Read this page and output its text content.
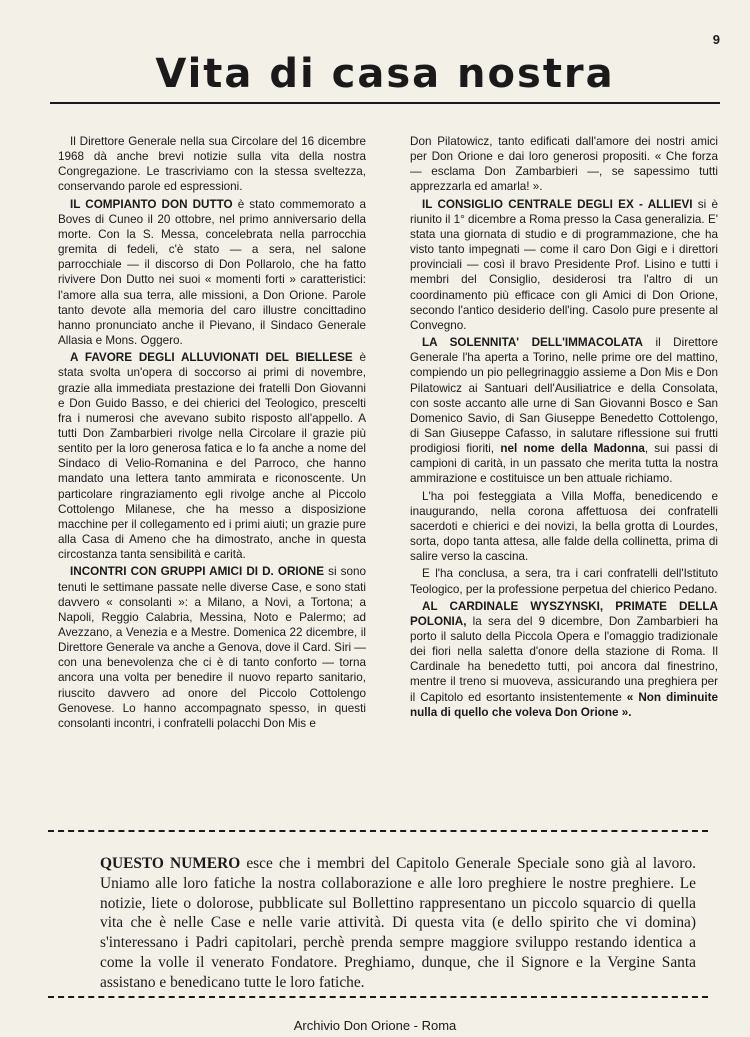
9
Vita di casa nostra

Il Direttore Generale nella sua Circolare del 16 dicembre 1968 dà anche brevi notizie sulla vita della nostra Congregazione. Le trascriviamo con la stessa sveltezza, conservando parole ed espressioni.

IL COMPIANTO DON DUTTO è stato commemorato a Boves di Cuneo il 20 ottobre, nel primo anniversario della morte. Con la S. Messa, concelebrata nella parrocchia gremita di fedeli, c'è stato — a sera, nel salone parrocchiale — il discorso di Don Pollarolo, che ha fatto rivivere Don Dutto nei suoi « momenti forti » caratteristici: l'amore alla sua terra, alle missioni, a Don Orione. Parole tanto devote alla memoria del caro illustre concittadino hanno pronunciato anche il Pievano, il Sindaco Generale Allasia e Mons. Oggero.

A FAVORE DEGLI ALLUVIONATI DEL BIELLESE è stata svolta un'opera di soccorso ai primi di novembre, grazie alla immediata prestazione dei fratelli Don Giovanni e Don Guido Basso, e dei chierici del Teologico, prescelti fra i numerosi che avevano subito risposto all'appello. A tutti Don Zambarbieri rivolge nella Circolare il grazie più sentito per la loro generosa fatica e lo fa anche a nome del Sindaco di Velio-Romanina e del Parroco, che hanno mandato una lettera tanto ammirata e riconoscente. Un particolare ringraziamento egli rivolge anche al Piccolo Cottolengo Milanese, che ha messo a disposizione macchine per il collegamento ed i primi aiuti; un grazie pure alla Casa di Ameno che ha dimostrato, anche in questa circostanza tanta sensibilità e carità.

INCONTRI CON GRUPPI AMICI DI D. ORIONE si sono tenuti le settimane passate nelle diverse Case, e sono stati davvero « consolanti »: a Milano, a Novi, a Tortona; a Napoli, Reggio Calabria, Messina, Noto e Palermo; ad Avezzano, a Venezia e a Mestre. Domenica 22 dicembre, il Direttore Generale va anche a Genova, dove il Card. Siri — con una benevolenza che ci è di tanto conforto — torna ancora una volta per benedire il nuovo reparto sanitario, riuscito davvero ad onore del Piccolo Cottolengo Genovese. Lo hanno accompagnato spesso, in questi consolanti incontri, i confratelli polacchi Don Mis e

Don Pilatowicz, tanto edificati dall'amore dei nostri amici per Don Orione e dai loro generosi propositi. « Che forza — esclama Don Zambarbieri —, se sapessimo tutti apprezzarla ed amarla! ».

IL CONSIGLIO CENTRALE DEGLI EX - ALLIEVI si è riunito il 1° dicembre a Roma presso la Casa generalizia. E' stata una giornata di studio e di programmazione, che ha visto tanto impegnati — come il caro Don Gigi e i direttori provinciali — così il bravo Presidente Prof. Lisino e tutti i membri del Consiglio, desiderosi tra l'altro di un coordinamento più efficace con gli Amici di Don Orione, secondo l'antico desiderio dell'ing. Casolo pure presente al Convegno.

LA SOLENNITA' DELL'IMMACOLATA il Direttore Generale l'ha aperta a Torino, nelle prime ore del mattino, compiendo un pio pellegrinaggio assieme a Don Mis e Don Pilatowicz ai Santuari dell'Ausiliatrice e della Consolata, con soste accanto alle urne di San Giovanni Bosco e San Domenico Savio, di San Giuseppe Benedetto Cottolengo, di San Giuseppe Cafasso, in salutare riflessione sui frutti prodigiosi fioriti, nel nome della Madonna, sui passi di campioni di carità, in un passato che merita tutta la nostra ammirazione e costituisce un ben attuale richiamo.

L'ha poi festeggiata a Villa Moffa, benedicendo e inaugurando, nella corona affettuosa dei confratelli sacerdoti e chierici e dei novizi, la bella grotta di Lourdes, sorta, dopo tanta attesa, alle falde della collinetta, prima di salire verso la cascina.

E l'ha conclusa, a sera, tra i cari confratelli dell'Istituto Teologico, per la professione perpetua del chierico Pedano.

AL CARDINALE WYSZYNSKI, PRIMATE DELLA POLONIA, la sera del 9 dicembre, Don Zambarbieri ha porto il saluto della Piccola Opera e l'omaggio tradizionale dei fiori nella saletta d'onore della stazione di Roma. Il Cardinale ha benedetto tutti, poi ancora dal finestrino, mentre il treno si muoveva, assicurando una preghiera per il Capitolo ed esortanto insistentemente « Non diminuite nulla di quello che voleva Don Orione ».

QUESTO NUMERO esce che i membri del Capitolo Generale Speciale sono già al lavoro. Uniamo alle loro fatiche la nostra collaborazione e alle loro preghiere le nostre preghiere. Le notizie, liete o dolorose, pubblicate sul Bollettino rappresentano un piccolo squarcio di quella vita che è nelle Case e nelle varie attività. Di questa vita (e dello spirito che vi domina) s'interessano i Padri capitolari, perchè prenda sempre maggiore sviluppo restando identica a come la volle il venerato Fondatore. Preghiamo, dunque, che il Signore e la Vergine Santa assistano e benedicano tutte le loro fatiche.
Archivio Don Orione - Roma
